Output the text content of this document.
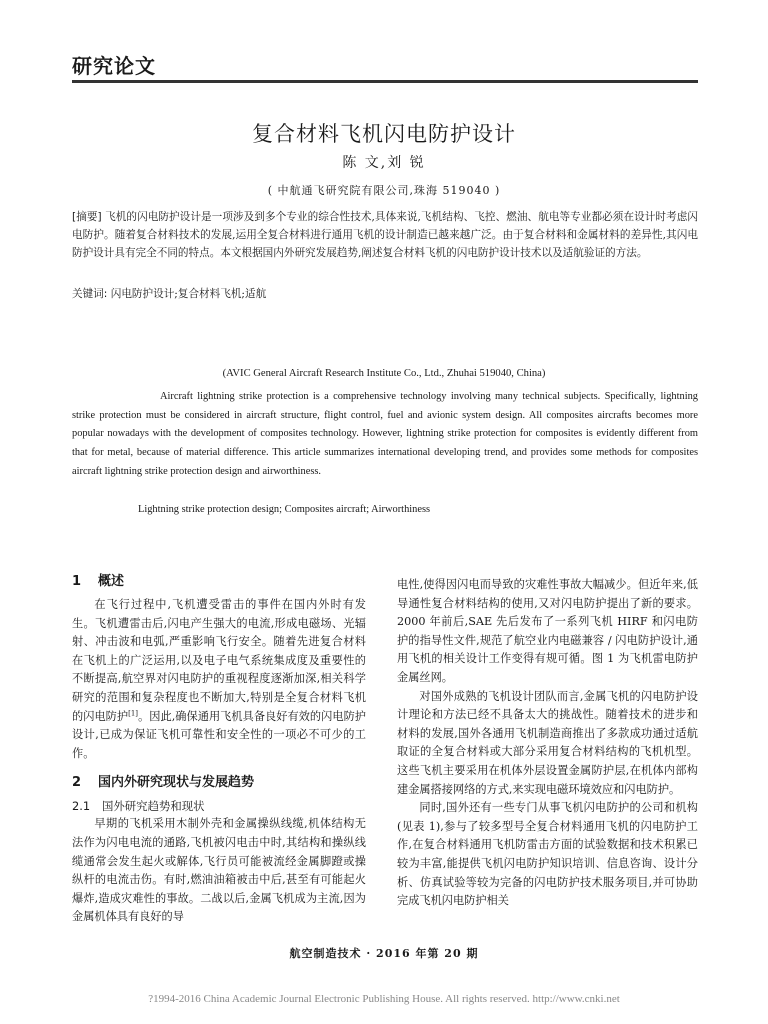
研究论文
复合材料飞机闪电防护设计
陈 文,刘 锐
( 中航通飞研究院有限公司,珠海 519040 )
[摘要] 飞机的闪电防护设计是一项涉及到多个专业的综合性技术,具体来说,飞机结构、飞控、燃油、航电等专业都必须在设计时考虑闪电防护。随着复合材料技术的发展,运用全复合材料进行通用飞机的设计制造已越来越广泛。由于复合材料和金属材料的差异性,其闪电防护设计具有完全不同的特点。本文根据国内外研究发展趋势,阐述复合材料飞机的闪电防护设计技术以及适航验证的方法。
关键词: 闪电防护设计;复合材料飞机;适航
(AVIC General Aircraft Research Institute Co., Ltd., Zhuhai 519040, China)
Aircraft lightning strike protection is a comprehensive technology involving many technical subjects. Specifically, lightning strike protection must be considered in aircraft structure, flight control, fuel and avionic system design. All composites aircrafts becomes more popular nowadays with the development of composites technology. However, lightning strike protection for composites is evidently different from that for metal, because of material difference. This article summarizes international developing trend, and provides some methods for composites aircraft lightning strike protection design and airworthiness.
Lightning strike protection design; Composites aircraft; Airworthiness
1 概述

在飞行过程中,飞机遭受雷击的事件在国内外时有发生。飞机遭雷击后,闪电产生强大的电流,形成电磁场、光辐射、冲击波和电弧,严重影响飞行安全。随着先进复合材料在飞机上的广泛运用,以及电子电气系统集成度及重要性的不断提高,航空界对闪电防护的重视程度逐渐加深,相关科学研究的范围和复杂程度也不断加大,特别是全复合材料飞机的闪电防护[1]。因此,确保通用飞机具备良好有效的闪电防护设计,已成为保证飞机可靠性和安全性的一项必不可少的工作。

2 国内外研究现状与发展趋势
2.1 国外研究趋势和现状

早期的飞机采用木制外壳和金属操纵线缆,机体结构无法作为闪电电流的通路,飞机被闪电击中时,其结构和操纵线缆通常会发生起火或解体,飞行员可能被流经金属脚蹬或操纵杆的电流击伤。有时,燃油油箱被击中后,甚至有可能起火爆炸,造成灾难性的事故。二战以后,金属飞机成为主流,因为金属机体具有良好的导

电性,使得因闪电而导致的灾难性事故大幅减少。但近年来,低导通性复合材料结构的使用,又对闪电防护提出了新的要求。2000 年前后,SAE 先后发布了一系列飞机 HIRF 和闪电防护的指导性文件,规范了航空业内电磁兼容 / 闪电防护设计,通用飞机的相关设计工作变得有规可循。图 1 为飞机雷电防护金属丝网。

对国外成熟的飞机设计团队而言,金属飞机的闪电防护设计理论和方法已经不具备太大的挑战性。随着技术的进步和材料的发展,国外各通用飞机制造商推出了多款成功通过适航取证的全复合材料或大部分采用复合材料结构的飞机机型。这些飞机主要采用在机体外层设置金属防护层,在机体内部构建金属搭接网络的方式,来实现电磁环境效应和闪电防护。

同时,国外还有一些专门从事飞机闪电防护的公司和机构(见表 1),参与了较多型号全复合材料通用飞机的闪电防护工作,在复合材料通用飞机防雷击方面的试验数据和技术积累已较为丰富,能提供飞机闪电防护知识培训、信息咨询、设计分析、仿真试验等较为完备的闪电防护技术服务项目,并可协助完成飞机闪电防护相关

航空制造技术 · 2016 年第 20 期
?1994-2016 China Academic Journal Electronic Publishing House. All rights reserved. http://www.cnki.net
